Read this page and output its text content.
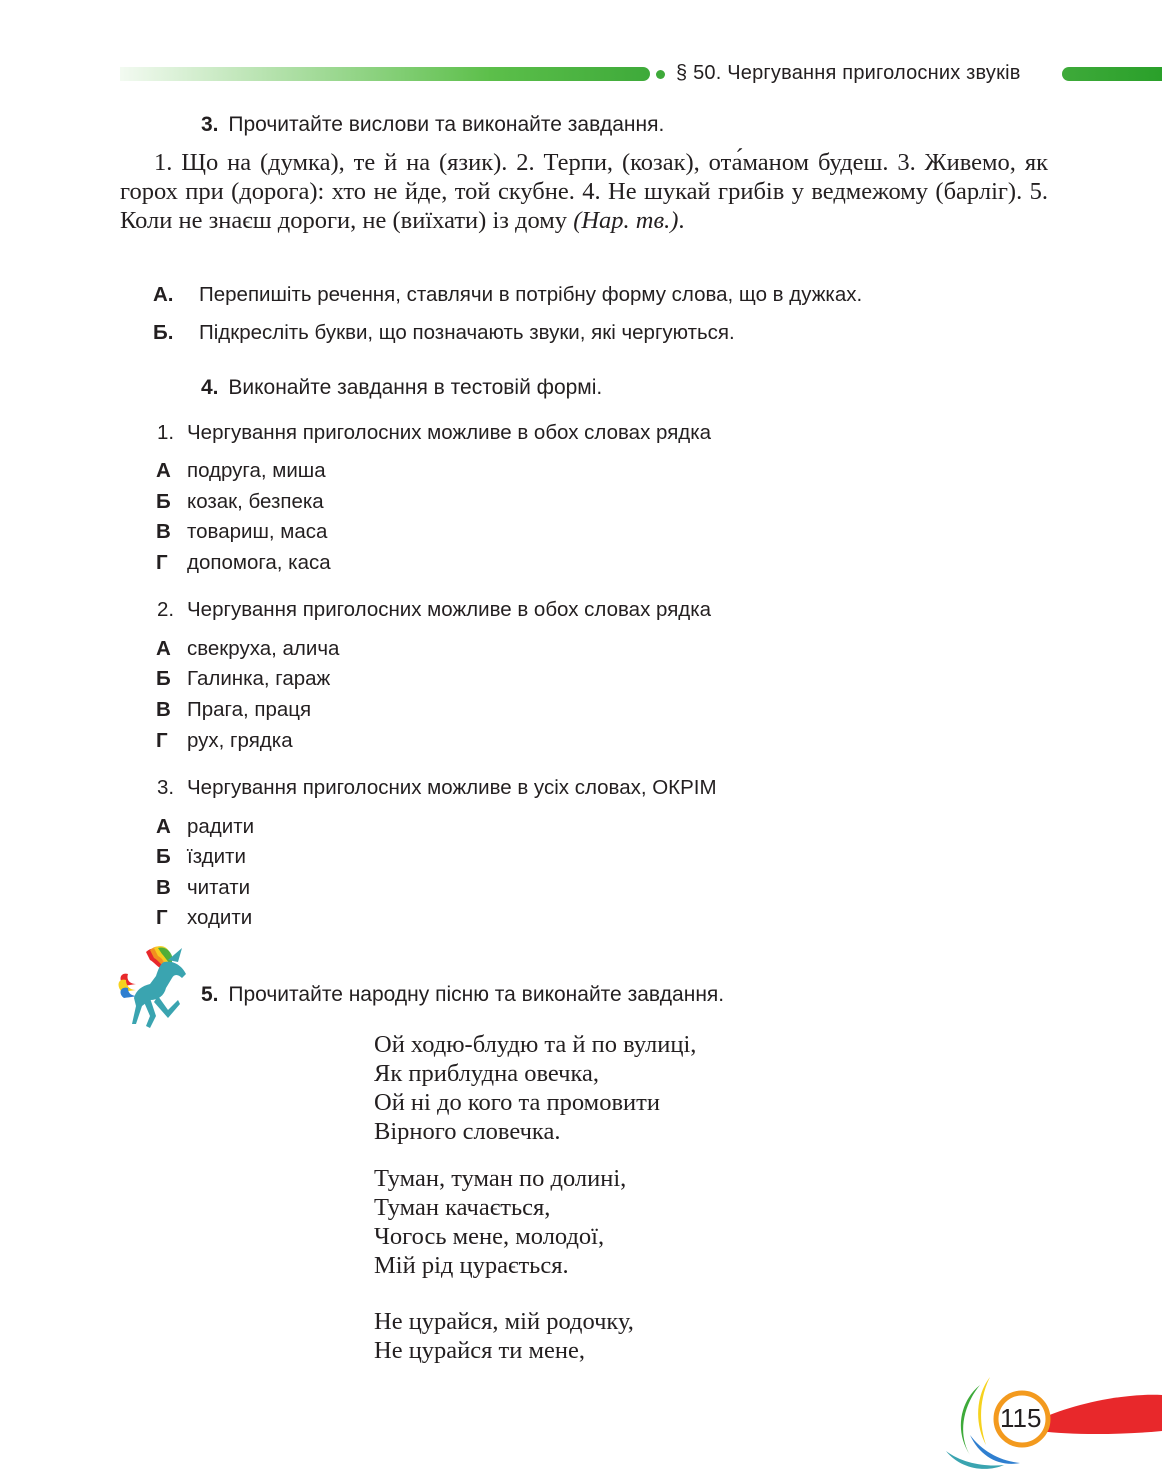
§ 50. Чергування приголосних звуків
3. Прочитайте вислови та виконайте завдання.
1. Що на (думка), те й на (язик). 2. Терпи, (козак), ота́маном будеш. 3. Живемо, як горох при (дорога): хто не йде, той скубне. 4. Не шукай грибів у ведмежому (барліг). 5. Коли не знаєш дороги, не (виїхати) із дому (Нар. тв.).
А. Перепишіть речення, ставлячи в потрібну форму слова, що в дужках.
Б. Підкресліть букви, що позначають звуки, які чергуються.
4. Виконайте завдання в тестовій формі.
1. Чергування приголосних можливе в обох словах рядка
А подруга, миша
Б козак, безпека
В товариш, маса
Г допомога, каса
2. Чергування приголосних можливе в обох словах рядка
А свекруха, алича
Б Галинка, гараж
В Прага, праця
Г рух, грядка
3. Чергування приголосних можливе в усіх словах, ОКРІМ
А радити
Б їздити
В читати
Г ходити
5. Прочитайте народну пісню та виконайте завдання.
Ой ходю-блудю та й по вулиці,
Як приблудна овечка,
Ой ні до кого та промовити
Вірного словечка.
Туман, туман по долині,
Туман качається,
Чогось мене, молодої,
Мій рід цурається.
Не цурайся, мій родочку,
Не цурайся ти мене,
115
